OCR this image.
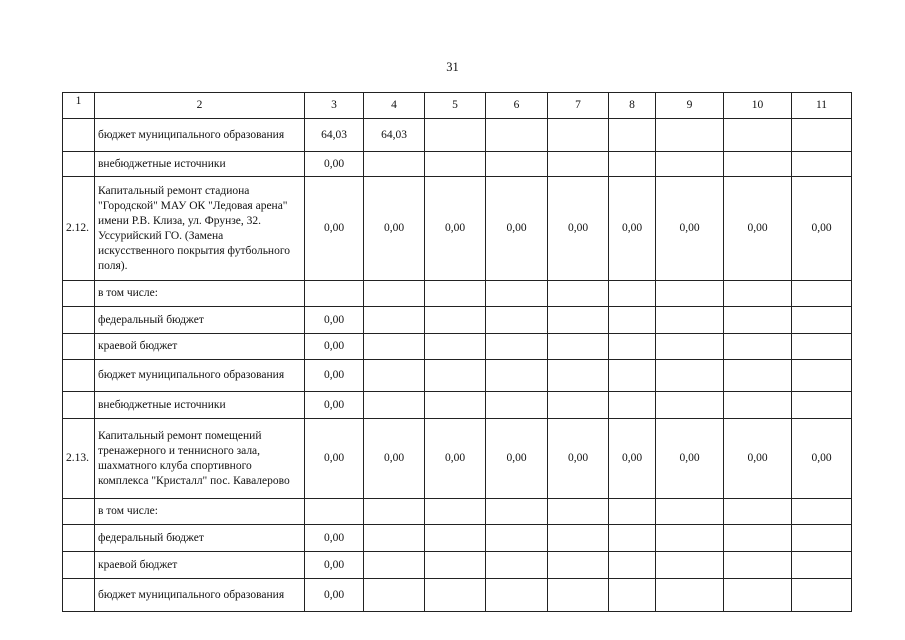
31
1	2	3	4	5	6	7	8	9	10	11
	бюджет муниципального образования	64,03	64,03							
	внебюджетные источники	0,00								
2.12.	Капитальный ремонт стадиона "Городской" МАУ ОК "Ледовая арена" имени Р.В. Клиза, ул. Фрунзе, 32. Уссурийский ГО. (Замена искусственного покрытия футбольного поля).	0,00	0,00	0,00	0,00	0,00	0,00	0,00	0,00	0,00
	в том числе:									
	федеральный бюджет	0,00								
	краевой бюджет	0,00								
	бюджет муниципального образования	0,00								
	внебюджетные источники	0,00								
2.13.	Капитальный ремонт помещений тренажерного и теннисного зала, шахматного клуба спортивного комплекса "Кристалл" пос. Кавалерово	0,00	0,00	0,00	0,00	0,00	0,00	0,00	0,00	0,00
	в том числе:									
	федеральный бюджет	0,00								
	краевой бюджет	0,00								
	бюджет муниципального образования	0,00								
